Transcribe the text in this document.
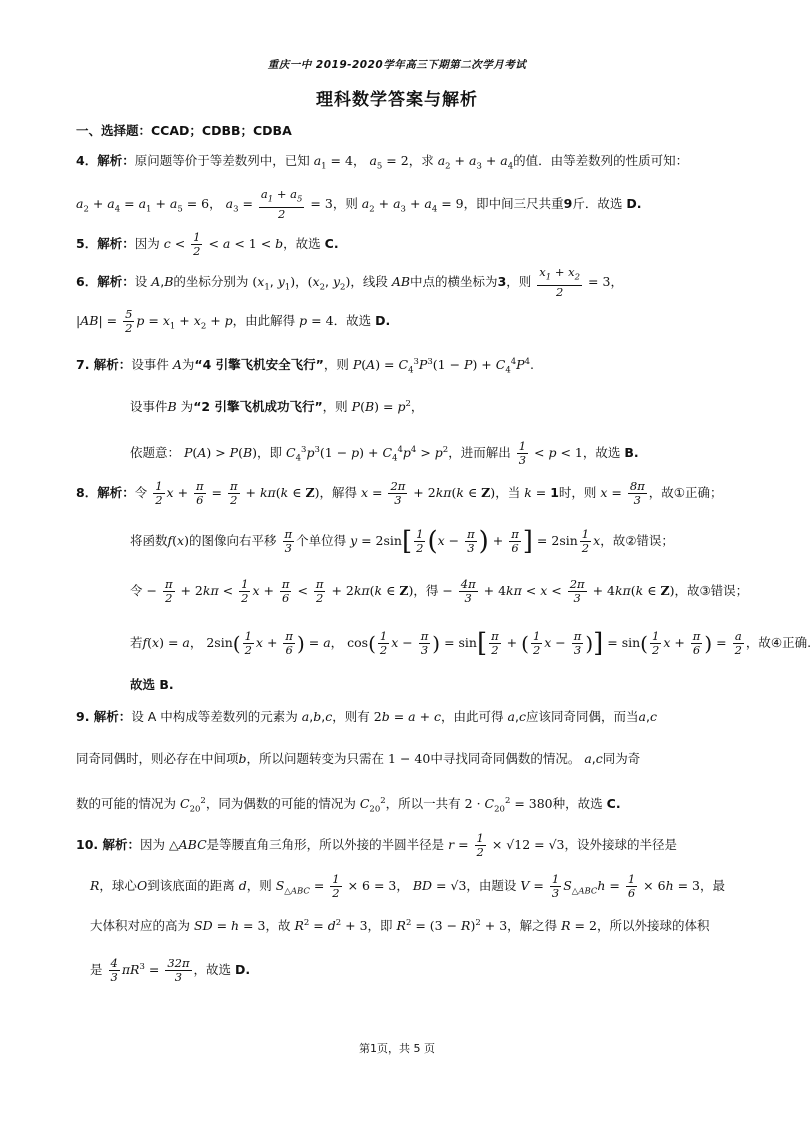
重庆一中 2019-2020学年高三下期第二次学月考试
理科数学答案与解析
一、选择题：CCAD；CDBB；CDBA
4．解析：原问题等价于等差数列中，已知 $a_1 = 4$， $a_5 = 2$，求 $a_2 + a_3 + a_4$的值．由等差数列的性质可知：
$a_2 + a_4 = a_1 + a_5 = 6$， $a_3 = \frac{a_1 + a_5}{2} = 3$，则 $a_2 + a_3 + a_4 = 9$，即中间三尺共重9斤．故选 D.
5．解析：因为 $c < \frac{1}{2} < a < 1 < b$，故选 C.
6．解析：设 A,B的坐标分别为 ($x_1$, $y_1$)，($x_2$, $y_2$)，线段 AB中点的横坐标为3，则 $\frac{x_1 + x_2}{2} = 3$，
$|AB| = \frac{5}{2}$ $p = x_1 + x_2 + p$，由此解得 p = 4．故选 D.
7. 解析：设事件 A为“4 引擎飞机安全飞行”，则 $P(A) = C_4^3P^3(1 - P) + C_4^4P^4$.
设事件B 为“2 引擎飞机成功飞行”，则 $P(B) = p^2$，
依题意： P(A) > P(B)，即 $C_4^3p^3(1 - p) + C_4^4p^4 > p^2$，进而解出 $\frac{1}{3} < p < 1$，故选 B.
8．解析：令 $\frac{1}{2}$ $x + \frac{\pi}{6} = \frac{\pi}{2} + k\pi(k$ ∈ Z)，解得 $x = \frac{2\pi}{3} + 2k\pi(k$ ∈ Z)，当 k = 1时，则 $x = \frac{8\pi}{3}$ ，故①正确；
将函数f(x)的图像向右平移 $\frac{\pi}{3}$ 个单位得 $y = 2\sin[ \frac{1}{2} (x - \frac{\pi}{3}$ ) + $\frac{\pi}{6}$ ] = $2\sin \frac{1}{2}$ x，故②错误；
令 − $\frac{\pi}{2} + 2k\pi < \frac{1}{2}$ $x + \frac{\pi}{6} < \frac{\pi}{2} + 2k\pi(k$ ∈ Z)，得 − $\frac{4\pi}{3} + 4k\pi < x < \frac{2\pi}{3} + 4k\pi(k$ ∈ Z)，故③错误；
若f(x) = a， $2\sin( \frac{1}{2}$ $x + \frac{\pi}{6}$ ) = a， $\cos( \frac{1}{2}$ $x - \frac{\pi}{3}$ ) = $\sin[ \frac{\pi}{2}$ + ( $\frac{1}{2}$ $x - \frac{\pi}{3}$ )] = $\sin( \frac{1}{2}$ $x + \frac{\pi}{6}$ ) = $\frac{a}{2}$ ，故④正确.
故选 B.
9. 解析：设 A 中构成等差数列的元素为 a,b,c，则有 2b = a + c，由此可得 a,c应该同奇同偶，而当a,c
同奇同偶时，则必存在中间项b，所以问题转变为只需在 1 − 40中寻找同奇同偶数的情况。 a,c同为奇
数的可能的情况为 $C_{20}^2$，同为偶数的可能的情况为 $C_{20}^2$，所以一共有 $2 \cdot C_{20}^2 = 380$种，故选 C.
10. 解析：因为 △ABC是等腰直角三角形，所以外接的半圆半径是 $r = \frac{1}{2} \times √12 = √3$，设外接球的半径是
R，球心O到该底面的距离 d，则 $S_{\triangle ABC} = \frac{1}{2} \times 6 = 3$， BD = √3，由题设 $V = \frac{1}{3} S_{\triangle ABC}h = \frac{1}{6} \times 6h = 3$，最
大体积对应的高为 SD = h = 3，故 $R^2 = d^2 + 3$，即 $R^2 = (3 - R)^2 + 3$，解之得 R = 2，所以外接球的体积
是 $\frac{4}{3} \pi R^3 = \frac{32\pi}{3}$ ，故选 D.
第1页，共 5 页
